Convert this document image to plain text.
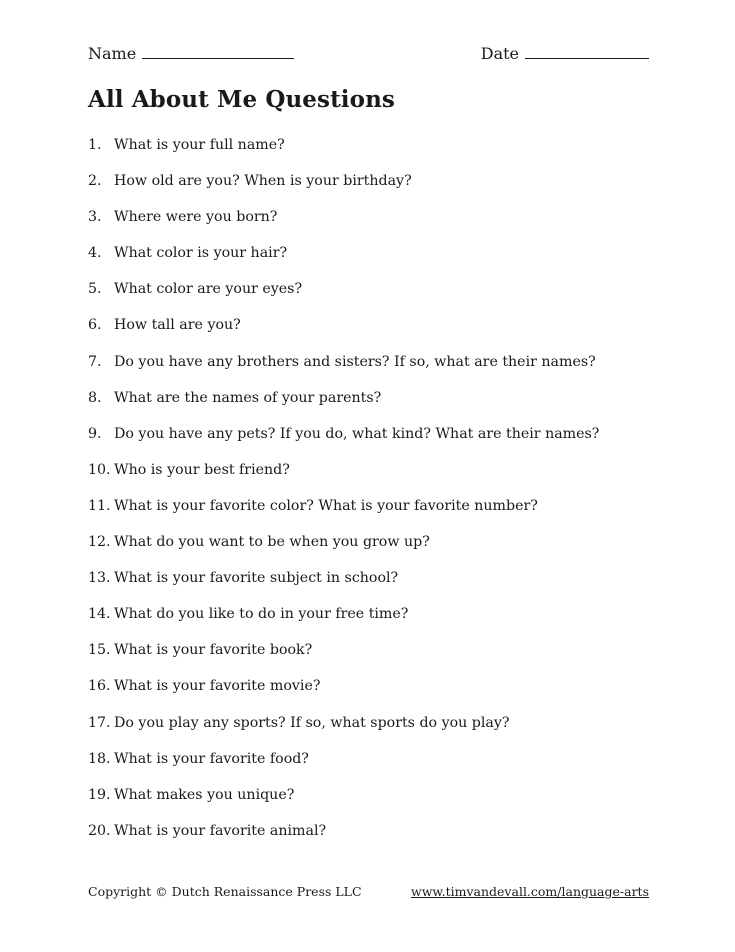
Name	Date
All About Me Questions
1. What is your full name?
2. How old are you? When is your birthday?
3. Where were you born?
4. What color is your hair?
5. What color are your eyes?
6. How tall are you?
7. Do you have any brothers and sisters? If so, what are their names?
8. What are the names of your parents?
9. Do you have any pets? If you do, what kind? What are their names?
10. Who is your best friend?
11. What is your favorite color? What is your favorite number?
12. What do you want to be when you grow up?
13. What is your favorite subject in school?
14. What do you like to do in your free time?
15. What is your favorite book?
16. What is your favorite movie?
17. Do you play any sports? If so, what sports do you play?
18. What is your favorite food?
19. What makes you unique?
20. What is your favorite animal?
Copyright © Dutch Renaissance Press LLC	www.timvandevall.com/language-arts
